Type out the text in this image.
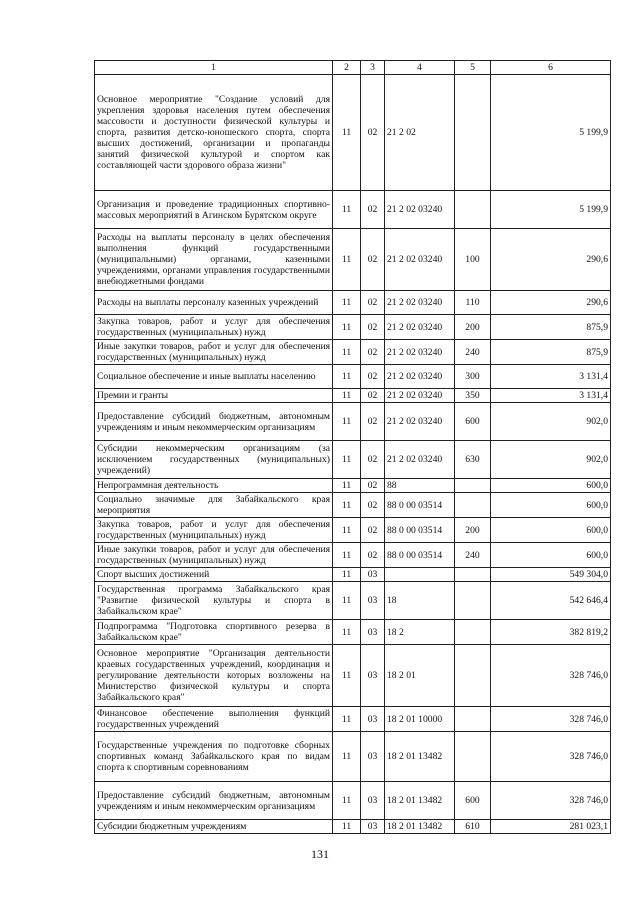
1	2	3	4	5	6
Основное мероприятие "Создание условий для укрепления здоровья населения путем обеспечения массовости и доступности физической культуры и спорта, развития детско-юношеского спорта, спорта высших достижений, организации и пропаганды занятий физической культурой и спортом как составляющей части здорового образа жизни"	11	02	21 2 02		5 199,9
Организация и проведение традиционных спортивно-массовых мероприятий в Агинском Бурятском округе	11	02	21 2 02 03240		5 199,9
Расходы на выплаты персоналу в целях обеспечения выполнения функций государственными (муниципальными) органами, казенными учреждениями, органами управления государственными внебюджетными фондами	11	02	21 2 02 03240	100	290,6
Расходы на выплаты персоналу казенных учреждений	11	02	21 2 02 03240	110	290,6
Закупка товаров, работ и услуг для обеспечения государственных (муниципальных) нужд	11	02	21 2 02 03240	200	875,9
Иные закупки товаров, работ и услуг для обеспечения государственных (муниципальных) нужд	11	02	21 2 02 03240	240	875,9
Социальное обеспечение и иные выплаты населению	11	02	21 2 02 03240	300	3 131,4
Премии и гранты	11	02	21 2 02 03240	350	3 131,4
Предоставление субсидий бюджетным, автономным учреждениям и иным некоммерческим организациям	11	02	21 2 02 03240	600	902,0
Субсидии некоммерческим организациям (за исключением государственных (муниципальных) учреждений)	11	02	21 2 02 03240	630	902,0
Непрограммная деятельность	11	02	88		600,0
Социально значимые для Забайкальского края мероприятия	11	02	88 0 00 03514		600,0
Закупка товаров, работ и услуг для обеспечения государственных (муниципальных) нужд	11	02	88 0 00 03514	200	600,0
Иные закупки товаров, работ и услуг для обеспечения государственных (муниципальных) нужд	11	02	88 0 00 03514	240	600,0
Спорт высших достижений	11	03			549 304,0
Государственная программа Забайкальского края "Развитие физической культуры и спорта в Забайкальском крае"	11	03	18		542 646,4
Подпрограмма "Подготовка спортивного резерва в Забайкальском крае"	11	03	18 2		382 819,2
Основное мероприятие "Организация деятельности краевых государственных учреждений, координация и регулирование деятельности которых возложены на Министерство физической культуры и спорта Забайкальского края"	11	03	18 2 01		328 746,0
Финансовое обеспечение выполнения функций государственных учреждений	11	03	18 2 01 10000		328 746,0
Государственные учреждения по подготовке сборных спортивных команд Забайкальского края по видам спорта к спортивным соревнованиям	11	03	18 2 01 13482		328 746,0
Предоставление субсидий бюджетным, автономным учреждениям и иным некоммерческим организациям	11	03	18 2 01 13482	600	328 746,0
Субсидии бюджетным учреждениям	11	03	18 2 01 13482	610	281 023,1
131
